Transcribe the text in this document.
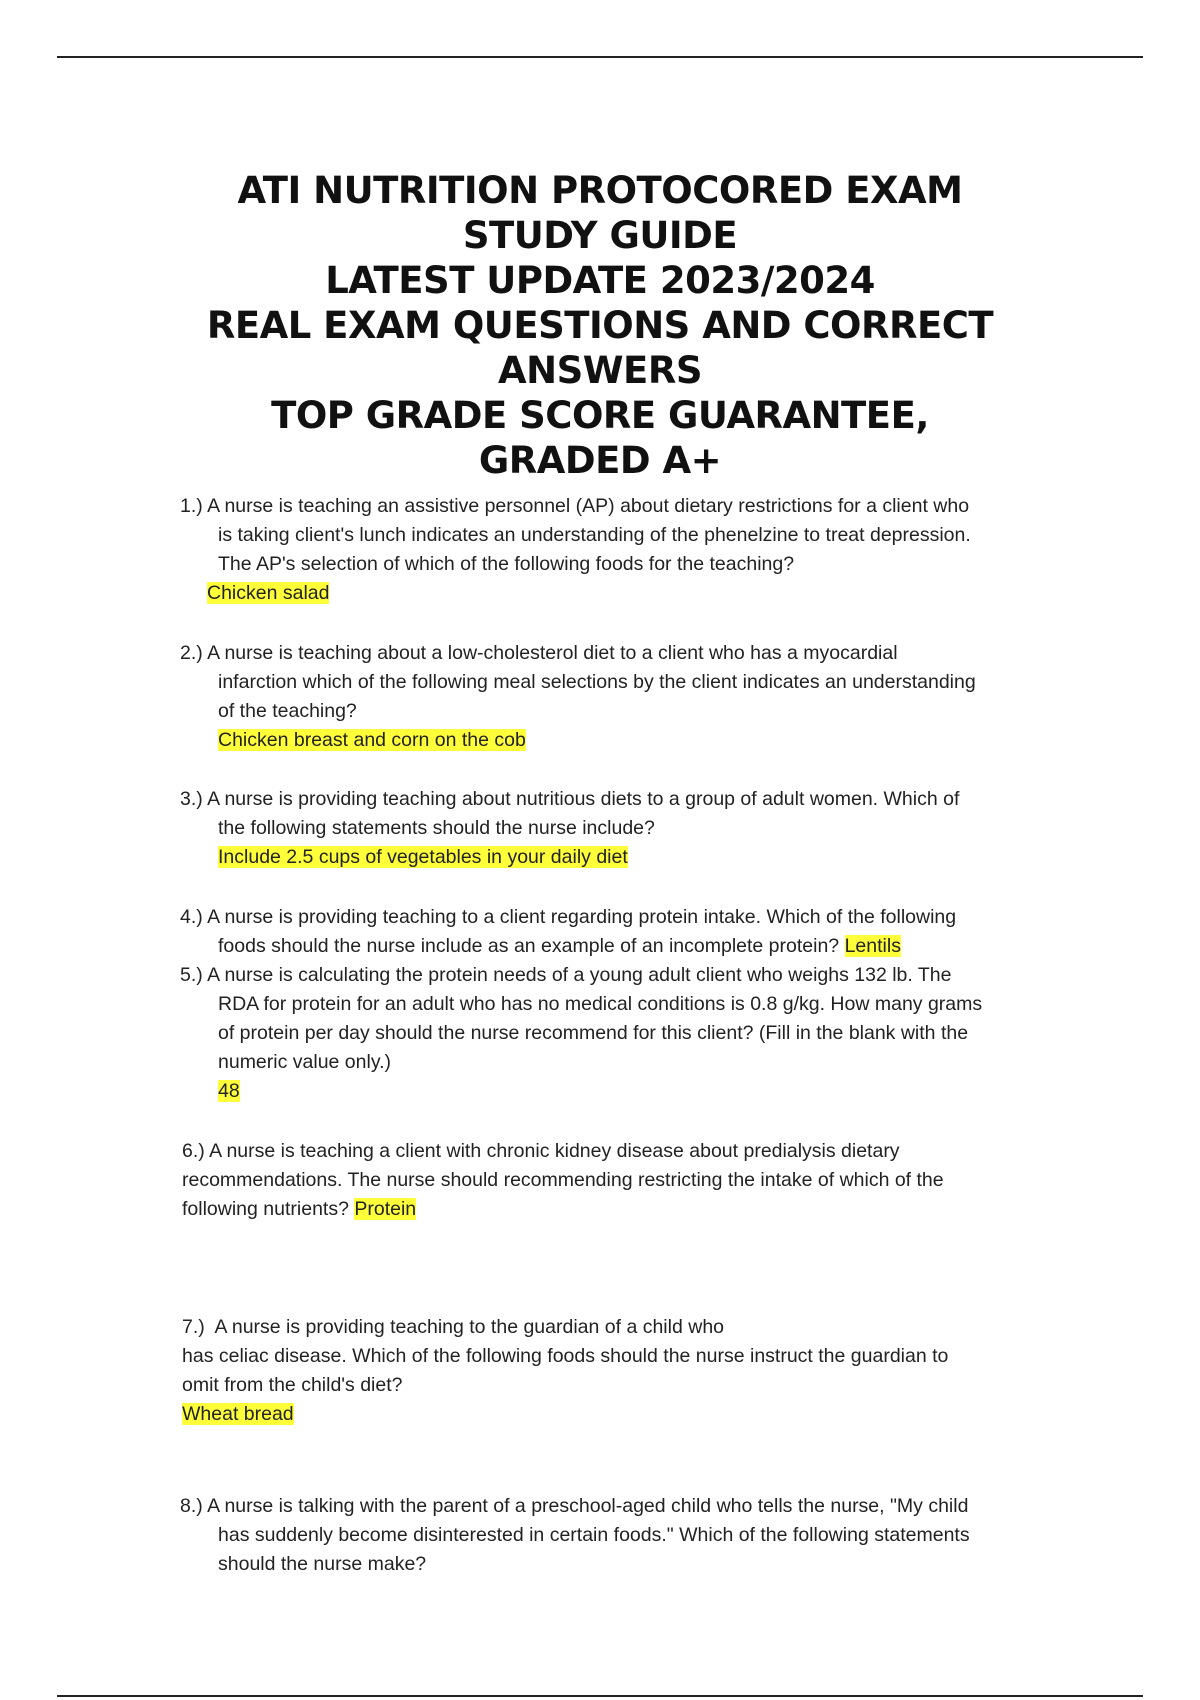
ATI NUTRITION PROTOCORED EXAM
STUDY GUIDE
LATEST UPDATE 2023/2024
REAL EXAM QUESTIONS AND CORRECT
ANSWERS
TOP GRADE SCORE GUARANTEE,
GRADED A+
1.) A nurse is teaching an assistive personnel (AP) about dietary restrictions for a client who
is taking client's lunch indicates an understanding of the phenelzine to treat depression.
The AP's selection of which of the following foods for the teaching?
Chicken salad
2.) A nurse is teaching about a low-cholesterol diet to a client who has a myocardial
infarction which of the following meal selections by the client indicates an understanding
of the teaching?
Chicken breast and corn on the cob
3.) A nurse is providing teaching about nutritious diets to a group of adult women. Which of
the following statements should the nurse include?
Include 2.5 cups of vegetables in your daily diet
4.) A nurse is providing teaching to a client regarding protein intake. Which of the following
foods should the nurse include as an example of an incomplete protein? Lentils
5.) A nurse is calculating the protein needs of a young adult client who weighs 132 lb. The
RDA for protein for an adult who has no medical conditions is 0.8 g/kg. How many grams
of protein per day should the nurse recommend for this client? (Fill in the blank with the
numeric value only.)
48
6.) A nurse is teaching a client with chronic kidney disease about predialysis dietary
recommendations. The nurse should recommending restricting the intake of which of the
following nutrients? Protein
7.)  A nurse is providing teaching to the guardian of a child who
has celiac disease. Which of the following foods should the nurse instruct the guardian to
omit from the child's diet?
Wheat bread
8.) A nurse is talking with the parent of a preschool-aged child who tells the nurse, "My child
has suddenly become disinterested in certain foods." Which of the following statements
should the nurse make?
